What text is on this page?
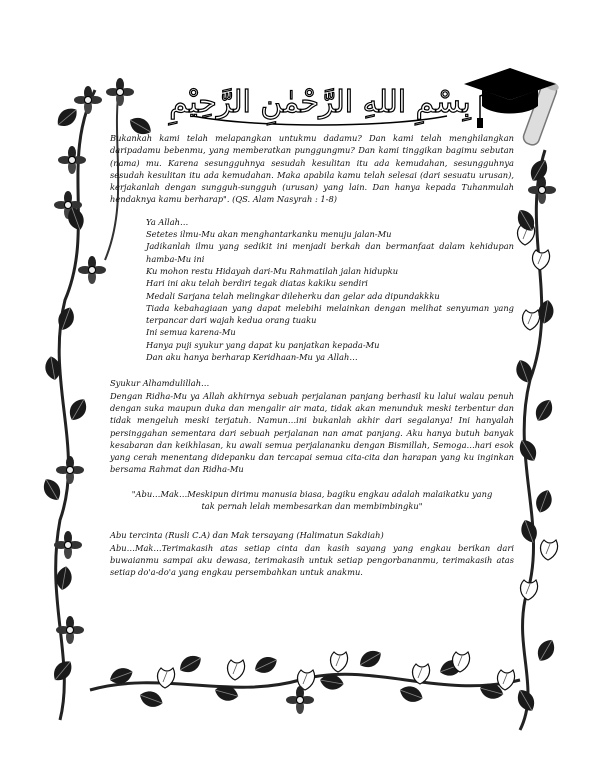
بِسْمِ اللهِ الرَّحْمٰنِ الرَّحِيْمِ

Bukankah kami telah melapangkan untukmu dadamu? Dan kami telah menghilangkan daripadamu bebenmu, yang memberatkan punggungmu? Dan kami tinggikan bagimu sebutan (nama) mu. Karena sesungguhnya sesudah kesulitan itu ada kemudahan, sesungguhnya sesudah kesulitan itu ada kemudahan. Maka apabila kamu telah selesai (dari sesuatu urusan), kerjakanlah dengan sungguh-sungguh (urusan) yang lain. Dan hanya kepada Tuhanmulah hendaknya kamu berharap". (QS. Alam Nasyrah : 1-8)

Ya Allah…
Setetes ilmu-Mu akan menghantarkanku menuju jalan-Mu
Jadikanlah ilmu yang sedikit ini menjadi berkah dan bermanfaat dalam kehidupan hamba-Mu ini
Ku mohon restu Hidayah dari-Mu Rahmatilah jalan hidupku
Hari ini aku telah berdiri tegak diatas kakiku sendiri
Medali Sarjana telah melingkar dileherku dan gelar ada dipundakkku
Tiada kebahagiaan yang dapat melebihi melainkan dengan melihat senyuman yang terpancar dari wajah kedua orang tuaku
Ini semua karena-Mu
Hanya puji syukur yang dapat ku panjatkan kepada-Mu
Dan aku hanya berharap Keridhaan-Mu ya Allah…

Syukur Alhamdulillah…

Dengan Ridha-Mu ya Allah akhirnya sebuah perjalanan panjang berhasil ku lalui walau penuh dengan suka maupun duka dan mengalir air mata, tidak akan menunduk meski terbentur dan tidak mengeluh meski terjatuh. Namun…ini bukanlah akhir dari segalanya! Ini hanyalah persinggahan sementara dari sebuah perjalanan nan amat panjang. Aku hanya butuh banyak kesabaran dan keikhlasan, ku awali semua perjalananku dengan Bismillah, Semoga…hari esok yang cerah menentang didepanku dan tercapai semua cita-cita dan harapan yang ku inginkan bersama Rahmat dan Ridha-Mu

"Abu…Mak…Meskipun dirimu manusia biasa, bagiku engkau adalah malaikatku yang tak pernah lelah membesarkan dan membimbingku"

Abu tercinta (Rusli C.A) dan Mak tersayang (Halimatun Sakdiah)

Abu…Mak…Terimakasih atas setiap cinta dan kasih sayang yang engkau berikan dari buwaianmu sampai aku dewasa, terimakasih untuk setiap pengorbananmu, terimakasih atas setiap do'a-do'a yang engkau persembahkan untuk anakmu.
